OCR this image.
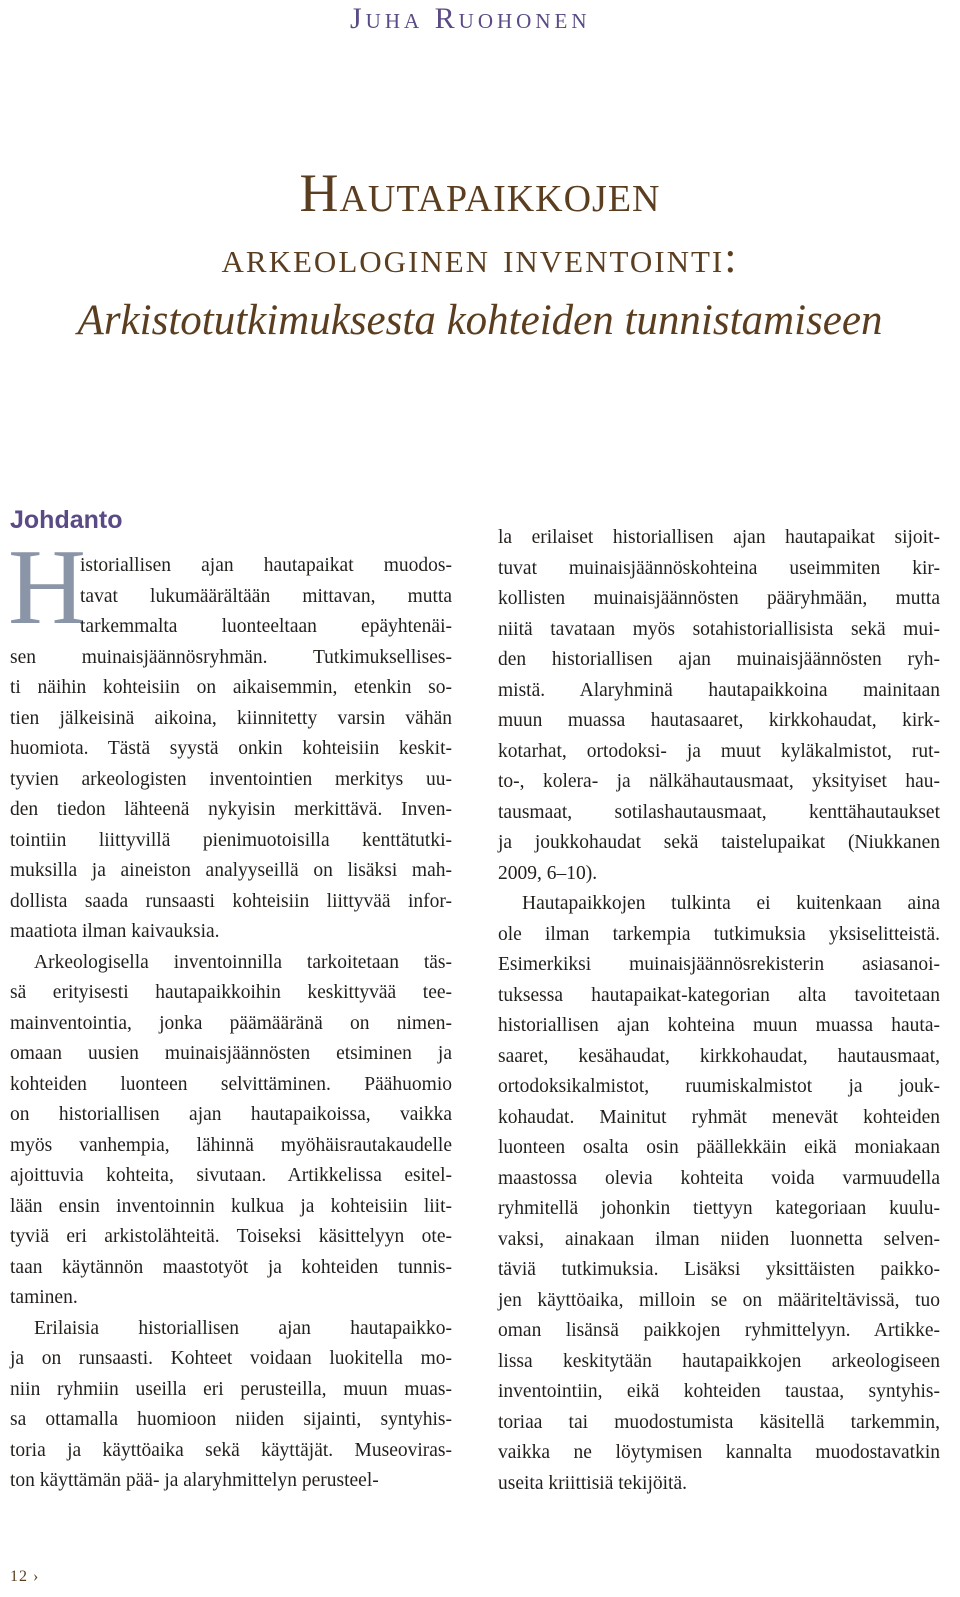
Juha Ruohonen
Hautapaikkojen
arkeologinen inventointi:
Arkistotutkimuksesta kohteiden tunnistamiseen
Johdanto
H
istoriallisen ajan hautapaikat muodos-
tavat lukumäärältään mittavan, mutta
tarkemmalta luonteeltaan epäyhtenäi-
sen muinaisjäännösryhmän. Tutkimuksellises-
ti näihin kohteisiin on aikaisemmin, etenkin so-
tien jälkeisinä aikoina, kiinnitetty varsin vähän
huomiota. Tästä syystä onkin kohteisiin keskit-
tyvien arkeologisten inventointien merkitys uu-
den tiedon lähteenä nykyisin merkittävä. Inven-
tointiin liittyvillä pienimuotoisilla kenttätutki-
muksilla ja aineiston analyyseillä on lisäksi mah-
dollista saada runsaasti kohteisiin liittyvää infor-
maatiota ilman kaivauksia.
Arkeologisella inventoinnilla tarkoitetaan täs-
sä erityisesti hautapaikkoihin keskittyvää tee-
mainventointia, jonka päämääränä on nimen-
omaan uusien muinaisjäännösten etsiminen ja
kohteiden luonteen selvittäminen. Päähuomio
on historiallisen ajan hautapaikoissa, vaikka
myös vanhempia, lähinnä myöhäisrautakaudelle
ajoittuvia kohteita, sivutaan. Artikkelissa esitel-
lään ensin inventoinnin kulkua ja kohteisiin liit-
tyviä eri arkistolähteitä. Toiseksi käsittelyyn ote-
taan käytännön maastotyöt ja kohteiden tunnis-
taminen.
Erilaisia historiallisen ajan hautapaikko-
ja on runsaasti. Kohteet voidaan luokitella mo-
niin ryhmiin useilla eri perusteilla, muun muas-
sa ottamalla huomioon niiden sijainti, syntyhis-
toria ja käyttöaika sekä käyttäjät. Museoviras-
ton käyttämän pää- ja alaryhmittelyn perusteel-
la erilaiset historiallisen ajan hautapaikat sijoit-
tuvat muinaisjäännöskohteina useimmiten kir-
kollisten muinaisjäännösten pääryhmään, mutta
niitä tavataan myös sotahistoriallisista sekä mui-
den historiallisen ajan muinaisjäännösten ryh-
mistä. Alaryhminä hautapaikkoina mainitaan
muun muassa hautasaaret, kirkkohaudat, kirk-
kotarhat, ortodoksi- ja muut kyläkalmistot, rut-
to-, kolera- ja nälkähautausmaat, yksityiset hau-
tausmaat, sotilashautausmaat, kenttähautaukset
ja joukkohaudat sekä taistelupaikat (Niukkanen
2009, 6–10).
Hautapaikkojen tulkinta ei kuitenkaan aina
ole ilman tarkempia tutkimuksia yksiselitteistä.
Esimerkiksi muinaisjäännösrekisterin asiasanoi-
tuksessa hautapaikat-kategorian alta tavoitetaan
historiallisen ajan kohteina muun muassa hauta-
saaret, kesähaudat, kirkkohaudat, hautausmaat,
ortodoksikalmistot, ruumiskalmistot ja jouk-
kohaudat. Mainitut ryhmät menevät kohteiden
luonteen osalta osin päällekkäin eikä moniakaan
maastossa olevia kohteita voida varmuudella
ryhmitellä johonkin tiettyyn kategoriaan kuulu-
vaksi, ainakaan ilman niiden luonnetta selven-
täviä tutkimuksia. Lisäksi yksittäisten paikko-
jen käyttöaika, milloin se on määriteltävissä, tuo
oman lisänsä paikkojen ryhmittelyyn. Artikke-
lissa keskitytään hautapaikkojen arkeologiseen
inventointiin, eikä kohteiden taustaa, syntyhis-
toriaa tai muodostumista käsitellä tarkemmin,
vaikka ne löytymisen kannalta muodostavatkin
useita kriittisiä tekijöitä.
12 ›
